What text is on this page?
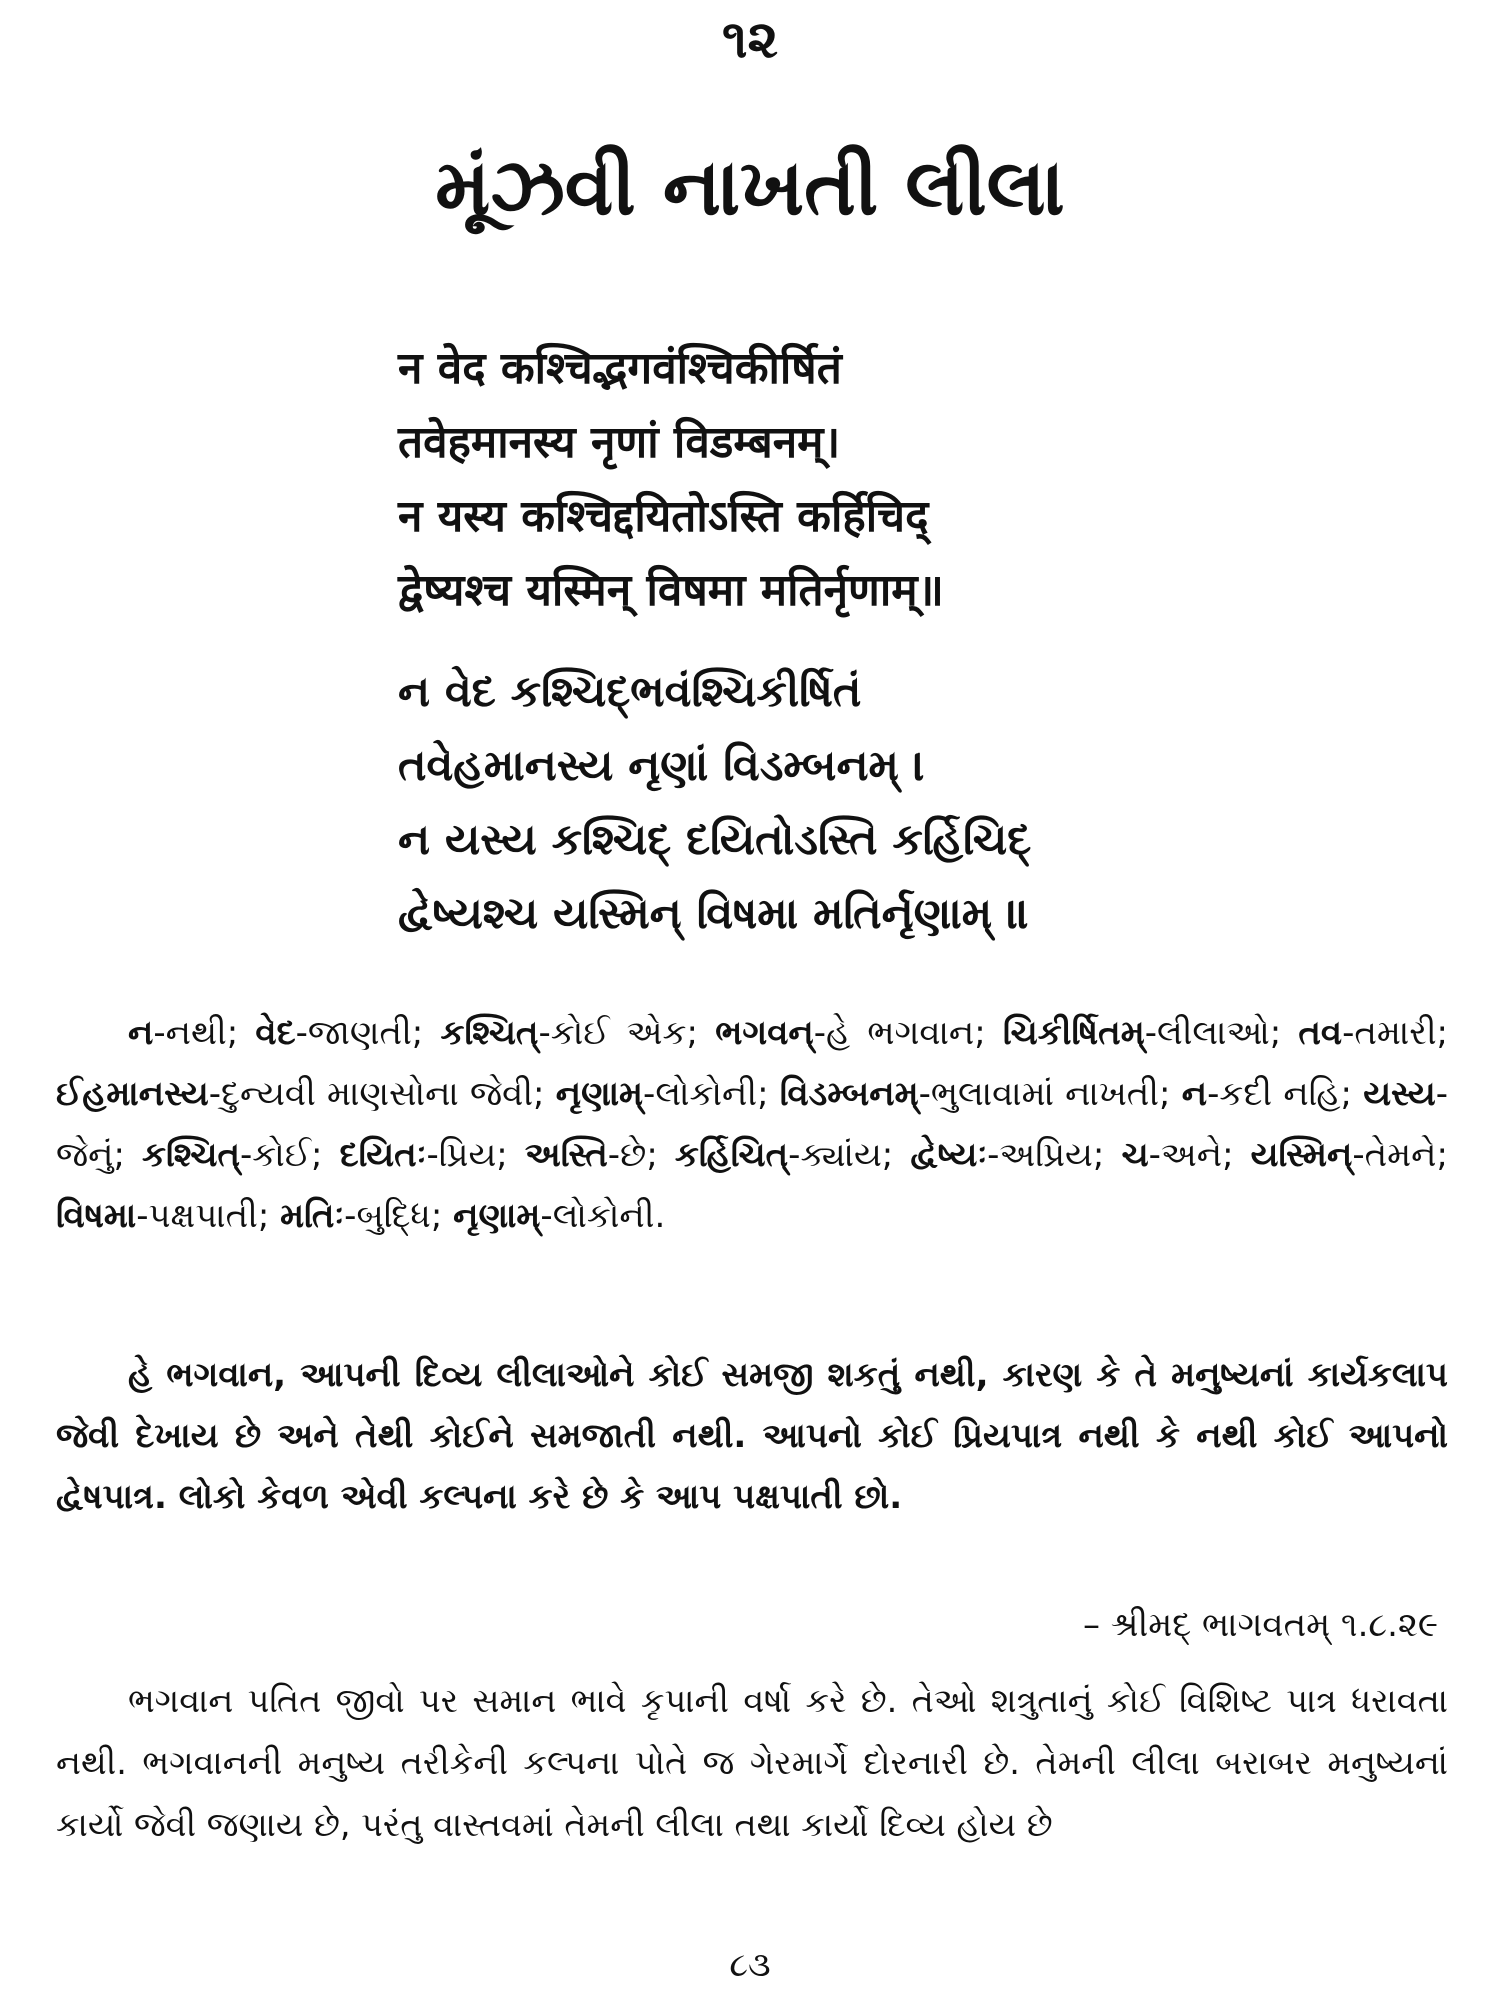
૧૨
મૂંઝવી નાખતી લીલા
न वेद कश्चिद्भगवंश्चिकीर्षितं
तवेहमानस्य नृणां विडम्बनम्।
न यस्य कश्चिद्दयितोऽस्ति कर्हिचिद्
द्वेष्यश्च यस्मिन् विषमा मतिर्नृणाम्॥
ન વેદ કશ્ચિદ્ભવંશ્ચિકીર્ષિતં
તવેહમાનસ્ય નૃણાં વિડમ્બનમ્ ।
ન યસ્ય કશ્ચિદ્ દયિતોડસ્તિ કર્હિચિદ્
દ્વેષ્યશ્ચ યસ્મિન્ વિષમા મતિર્નૃણામ્ ॥
ન-નથી; વેદ-જાણતી; કશ્ચિત્-કોઈ એક; ભગવન્-હે ભગવાન; ચિકીર્ષિતમ્-લીલાઓ; તવ-તમારી; ઈહમાનસ્ય-દુન્યવી માણસોના જેવી; નૃણામ્-લોકોની; વિડમ્બનમ્-ભુલાવામાં નાખતી; ન-કદી નહિ; યસ્ય-જેનું; કશ્ચિત્-કોઈ; દયિતઃ-પ્રિય; અસ્તિ-છે; કર્હિચિત્-ક્યાંય; દ્વેષ્યઃ-અપ્રિય; ચ-અને; યસ્મિન્-તેમને; વિષમા-પક્ષપાતી; મતિઃ-બુદ્ધિ; નૃણામ્-લોકોની.
હે ભગવાન, આપની દિવ્ય લીલાઓને કોઈ સમજી શકતું નથી, કારણ કે તે મનુષ્યનાં કાર્યકલાપ જેવી દેખાય છે અને તેથી કોઈને સમજાતી નથી. આપનો કોઈ પ્રિયપાત્ર નથી કે નથી કોઈ આપનો દ્વેષપાત્ર. લોકો કેવળ એવી કલ્પના કરે છે કે આપ પક્ષપાતી છો.
– શ્રીમદ્ ભાગવતમ્ ૧.૮.૨૯
ભગવાન પતિત જીવો પર સમાન ભાવે કૃપાની વર્ષા કરે છે. તેઓ શત્રુતાનું કોઈ વિશિષ્ટ પાત્ર ધરાવતા નથી. ભગવાનની મનુષ્ય તરીકેની કલ્પના પોતે જ ગેરમાર્ગે દોરનારી છે. તેમની લીલા બરાબર મનુષ્યનાં કાર્યો જેવી જણાય છે, પરંતુ વાસ્તવમાં તેમની લીલા તથા કાર્યો દિવ્ય હોય છે
૮૩
